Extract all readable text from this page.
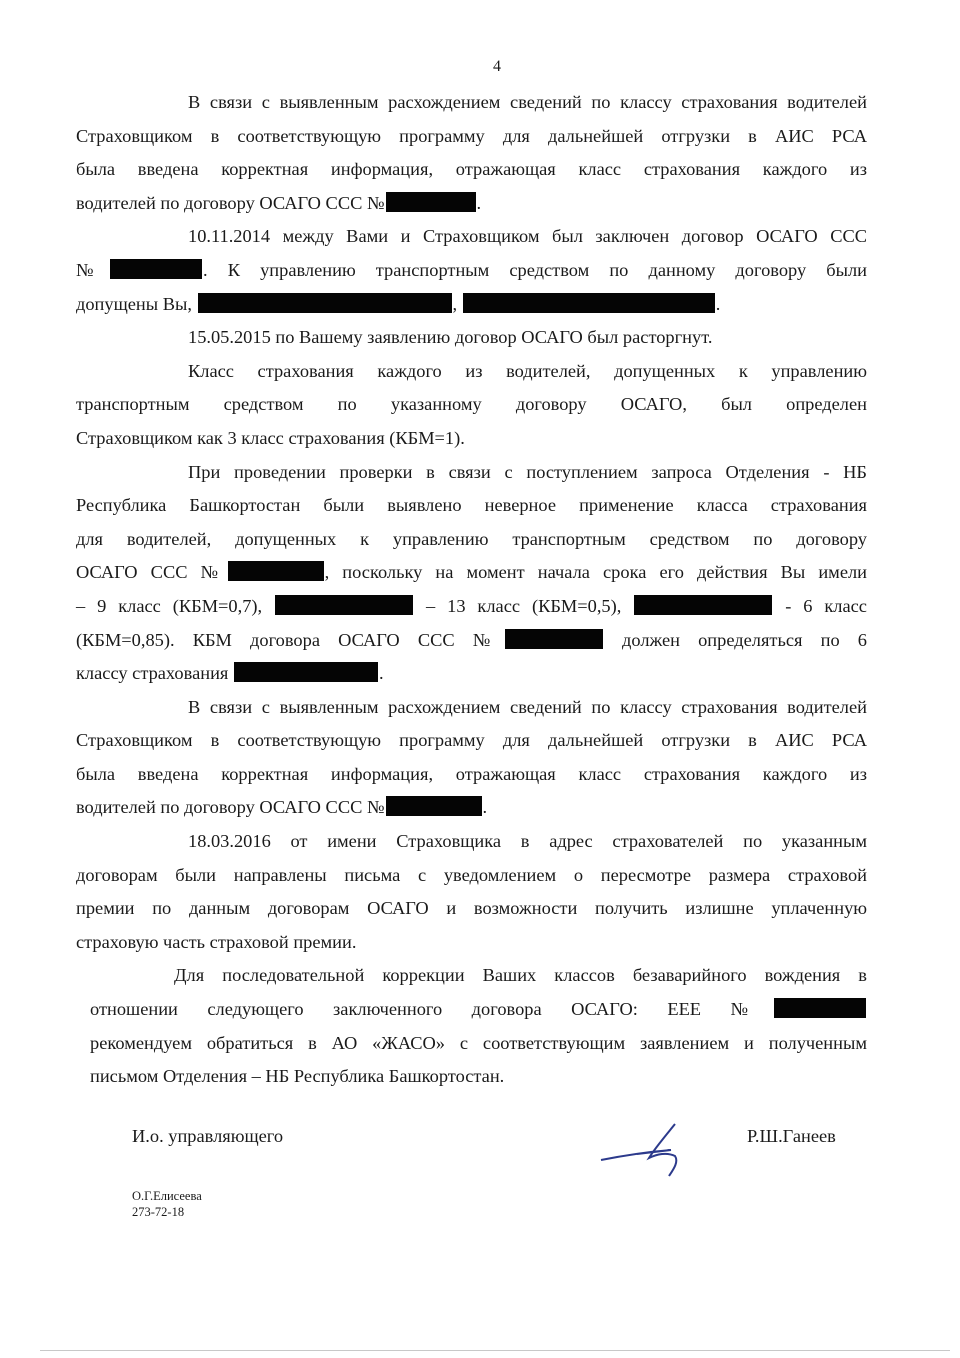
4

В связи с выявленным расхождением сведений по классу страхования водителей
Страховщиком в соответствующую программу для дальнейшей отгрузки в АИС РСА
была введена корректная информация, отражающая класс страхования каждого из
водителей по договору ОСАГО ССС №	.

10.11.2014 между Вами и Страховщиком был заключен договор ОСАГО ССС
№	. К управлению транспортным средством по данному договору были
допущены Вы,	,	.

15.05.2015 по Вашему заявлению договор ОСАГО был расторгнут.

Класс страхования каждого из водителей, допущенных к управлению
транспортным средством по указанному договору ОСАГО, был определен
Страховщиком как 3 класс страхования (КБМ=1).

При проведении проверки в связи с поступлением запроса Отделения - НБ
Республика Башкортостан были выявлено неверное применение класса страхования
для водителей, допущенных к управлению транспортным средством по договору
ОСАГО ССС №	, поскольку на момент начала срока его действия Вы имели
– 9 класс (КБМ=0,7),	– 13 класс (КБМ=0,5),	- 6 класс
(КБМ=0,85). КБМ договора ОСАГО ССС №	должен определяться по 6
классу страхования	.

В связи с выявленным расхождением сведений по классу страхования водителей
Страховщиком в соответствующую программу для дальнейшей отгрузки в АИС РСА
была введена корректная информация, отражающая класс страхования каждого из
водителей по договору ОСАГО ССС №	.

18.03.2016 от имени Страховщика в адрес страхователей по указанным
договорам были направлены письма с уведомлением о пересмотре размера страховой
премии по данным договорам ОСАГО и возможности получить излишне уплаченную
страховую часть страховой премии.

Для последовательной коррекции Ваших классов безаварийного вождения в
отношении следующего заключенного договора ОСАГО: ЕЕЕ №
рекомендуем обратиться в АО «ЖАСО» с соответствующим заявлением и полученным
письмом Отделения – НБ Республика Башкортостан.

И.о. управляющего	Р.Ш.Ганеев
О.Г.Елисеева
273-72-18
